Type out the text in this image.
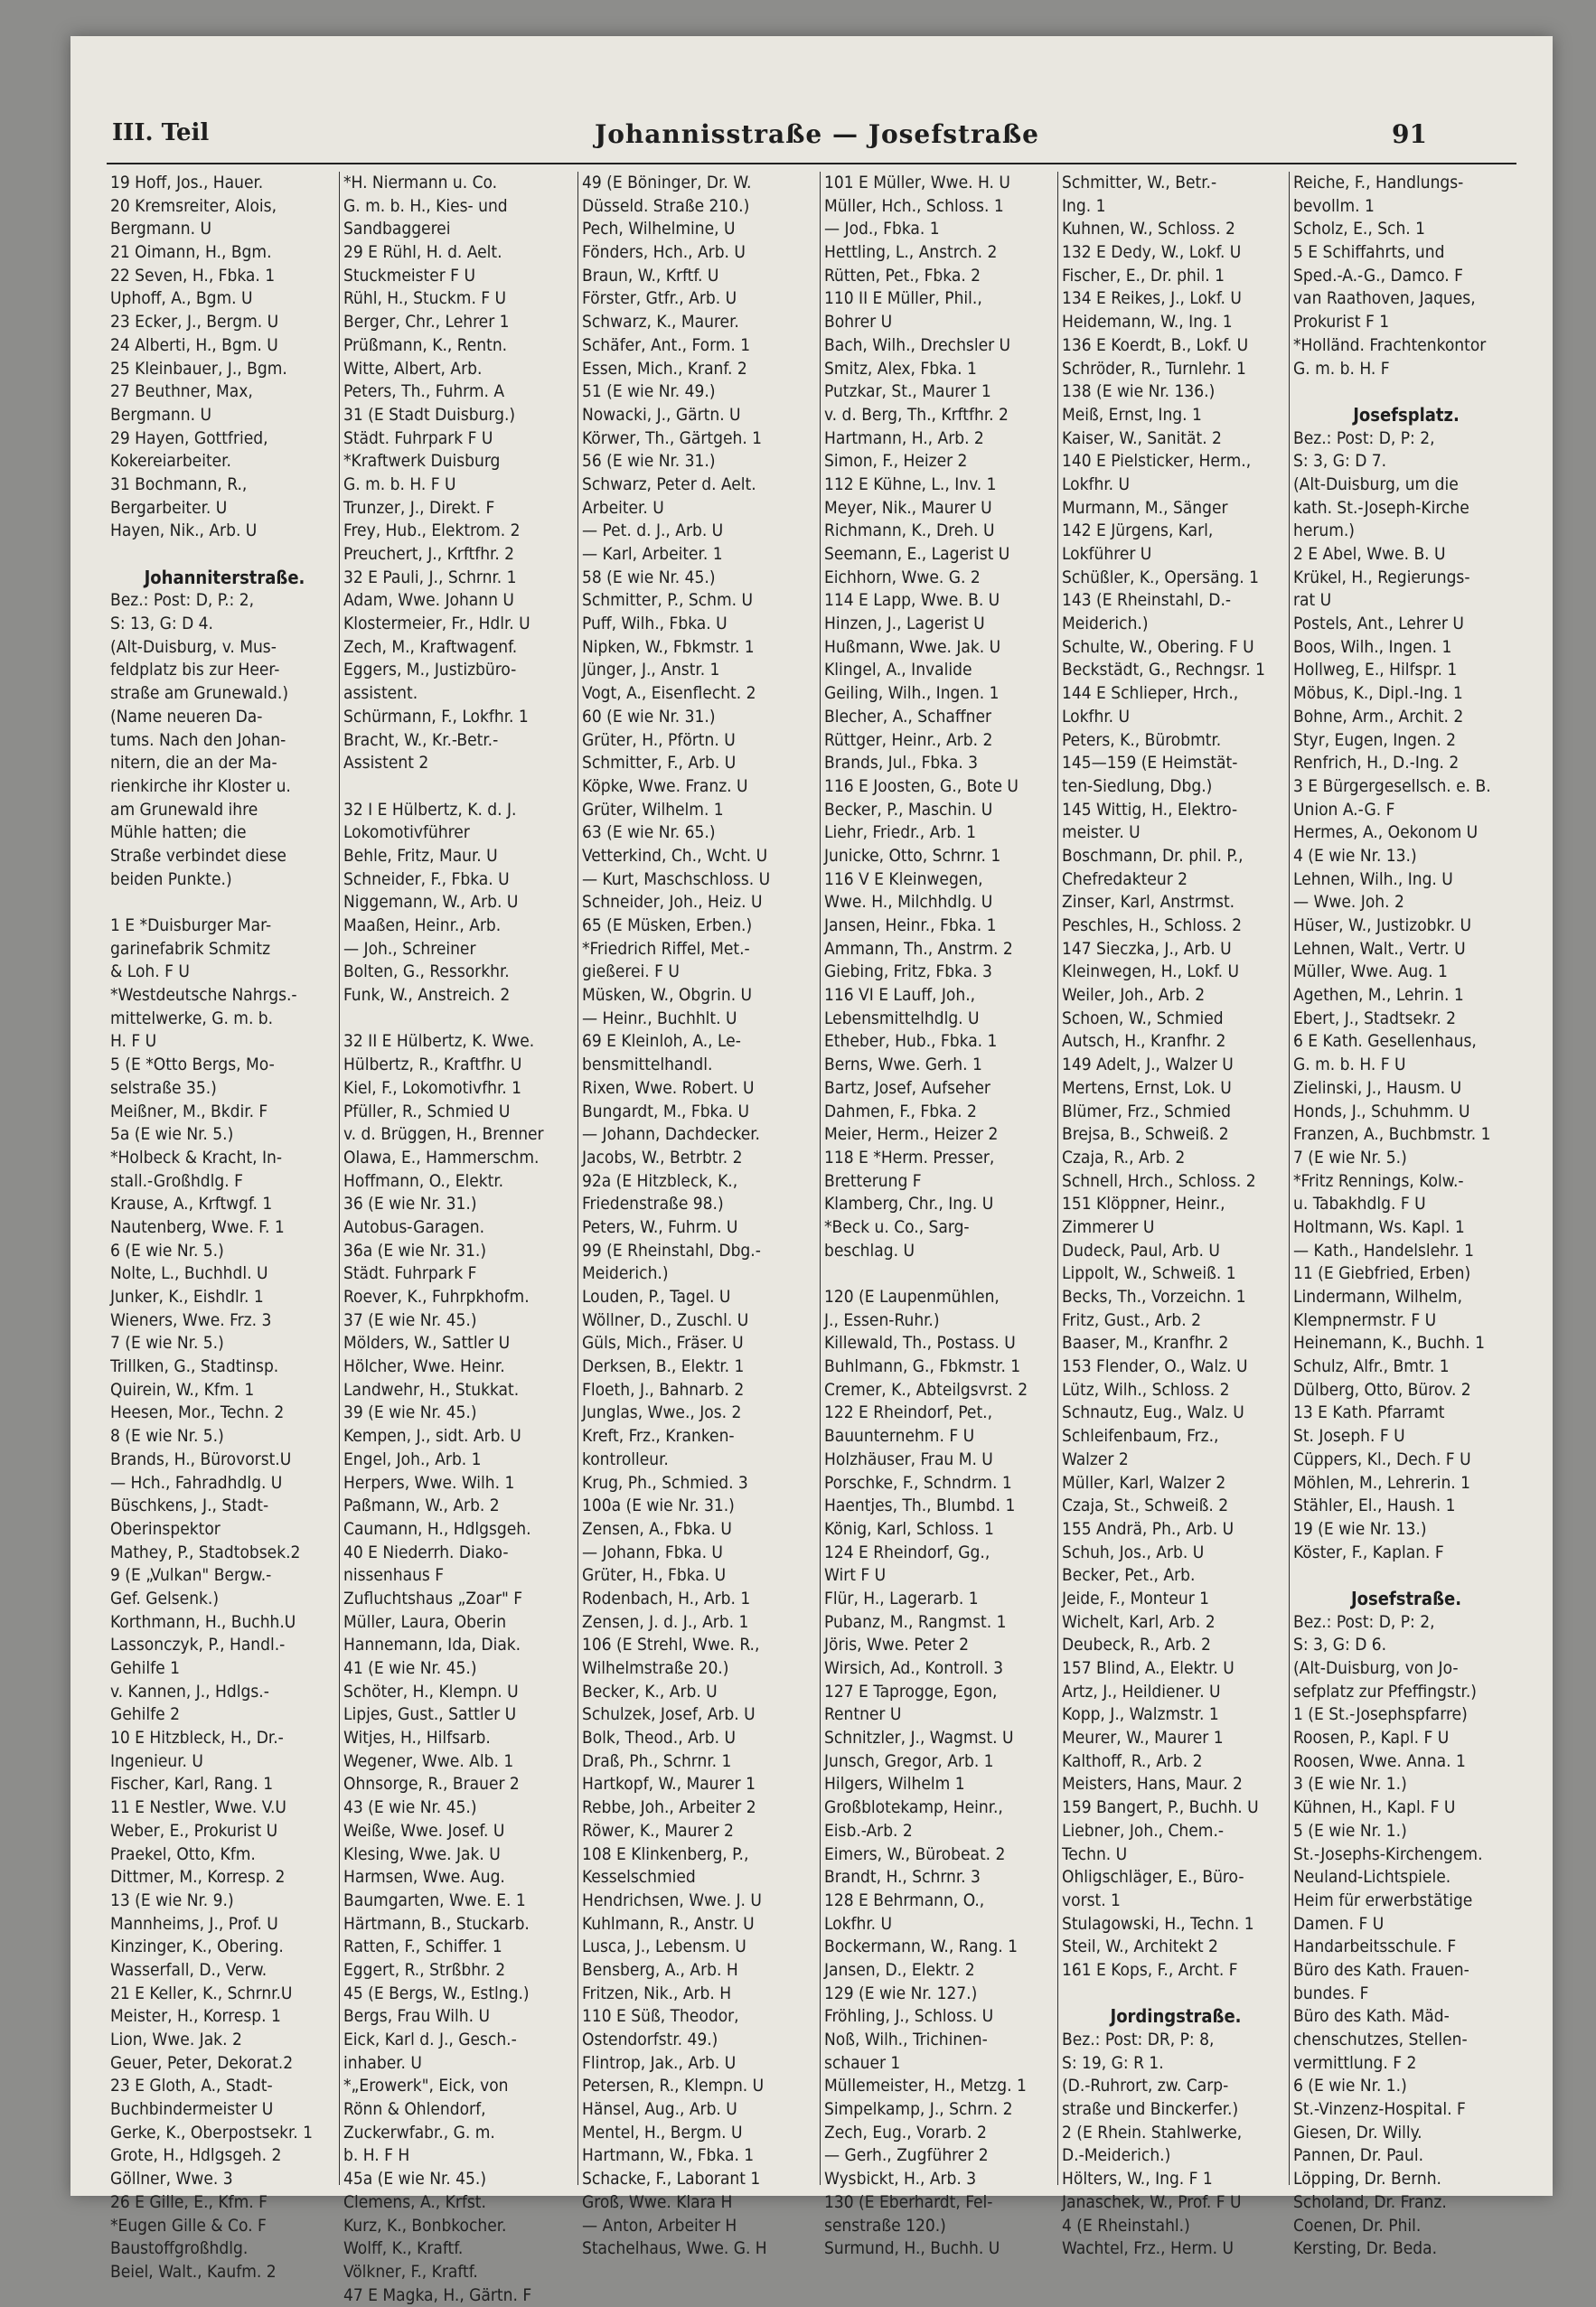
III. Teil	Johannisstraße — Josefstraße	91
19 Hoff, Jos., Hauer.
20 Kremsreiter, Alois,
Bergmann. U
21 Oimann, H., Bgm.
22 Seven, H., Fbka. 1
Uphoff, A., Bgm. U
23 Ecker, J., Bergm. U
24 Alberti, H., Bgm. U
25 Kleinbauer, J., Bgm.
27 Beuthner, Max,
Bergmann. U
29 Hayen, Gottfried,
Kokereiarbeiter.
31 Bochmann, R.,
Bergarbeiter. U
Hayen, Nik., Arb. U
Johanniterstraße.
Bez.: Post: D, P.: 2,
S: 13, G: D 4.
(Alt-Duisburg, v. Mus-
feldplatz bis zur Heer-
straße am Grunewald.)
(Name neueren Da-
tums. Nach den Johan-
nitern, die an der Ma-
rienkirche ihr Kloster u.
am Grunewald ihre
Mühle hatten; die
Straße verbindet diese
beiden Punkte.)
1 E *Duisburger Mar-
garinefabrik Schmitz
& Loh. F U
*Westdeutsche Nahrgs.-
mittelwerke, G. m. b.
H. F U
5 (E *Otto Bergs, Mo-
selstraße 35.)
Meißner, M., Bkdir. F
5a (E wie Nr. 5.)
*Holbeck & Kracht, In-
stall.-Großhdlg. F
Krause, A., Krftwgf. 1
Nautenberg, Wwe. F. 1
6 (E wie Nr. 5.)
Nolte, L., Buchhdl. U
Junker, K., Eishdlr. 1
Wieners, Wwe. Frz. 3
7 (E wie Nr. 5.)
Trillken, G., Stadtinsp.
Quirein, W., Kfm. 1
Heesen, Mor., Techn. 2
8 (E wie Nr. 5.)
Brands, H., Bürovorst.U
— Hch., Fahradhdlg. U
Büschkens, J., Stadt-
Oberinspektor
Mathey, P., Stadtobsek.2
9 (E „Vulkan" Bergw.-
Gef. Gelsenk.)
Korthmann, H., Buchh.U
Lassonczyk, P., Handl.-
Gehilfe 1
v. Kannen, J., Hdlgs.-
Gehilfe 2
10 E Hitzbleck, H., Dr.-
Ingenieur. U
Fischer, Karl, Rang. 1
11 E Nestler, Wwe. V.U
Weber, E., Prokurist U
Praekel, Otto, Kfm.
Dittmer, M., Korresp. 2
13 (E wie Nr. 9.)
Mannheims, J., Prof. U
Kinzinger, K., Obering.
Wasserfall, D., Verw.
21 E Keller, K., Schrnr.U
Meister, H., Korresp. 1
Lion, Wwe. Jak. 2
Geuer, Peter, Dekorat.2
23 E Gloth, A., Stadt-
Buchbindermeister U
Gerke, K., Oberpostsekr. 1
Grote, H., Hdlgsgeh. 2
Göllner, Wwe. 3
26 E Gille, E., Kfm. F
*Eugen Gille & Co. F
Baustoffgroßhdlg.
Beiel, Walt., Kaufm. 2
*H. Niermann u. Co.
G. m. b. H., Kies- und
Sandbaggerei
29 E Rühl, H. d. Aelt.
Stuckmeister F U
Rühl, H., Stuckm. F U
Berger, Chr., Lehrer 1
Prüßmann, K., Rentn.
Witte, Albert, Arb.
Peters, Th., Fuhrm. A
31 (E Stadt Duisburg.)
Städt. Fuhrpark F U
*Kraftwerk Duisburg
G. m. b. H. F U
Trunzer, J., Direkt. F
Frey, Hub., Elektrom. 2
Preuchert, J., Krftfhr. 2
32 E Pauli, J., Schrnr. 1
Adam, Wwe. Johann U
Klostermeier, Fr., Hdlr. U
Zech, M., Kraftwagenf.
Eggers, M., Justizbüro-
assistent.
Schürmann, F., Lokfhr. 1
Bracht, W., Kr.-Betr.-
Assistent 2
32 I E Hülbertz, K. d. J.
Lokomotivführer
Behle, Fritz, Maur. U
Schneider, F., Fbka. U
Niggemann, W., Arb. U
Maaßen, Heinr., Arb.
— Joh., Schreiner
Bolten, G., Ressorkhr.
Funk, W., Anstreich. 2
32 II E Hülbertz, K. Wwe.
Hülbertz, R., Kraftfhr. U
Kiel, F., Lokomotivfhr. 1
Pfüller, R., Schmied U
v. d. Brüggen, H., Brenner
Olawa, E., Hammerschm.
Hoffmann, O., Elektr.
36 (E wie Nr. 31.)
Autobus-Garagen.
36a (E wie Nr. 31.)
Städt. Fuhrpark F
Roever, K., Fuhrpkhofm.
37 (E wie Nr. 45.)
Mölders, W., Sattler U
Hölcher, Wwe. Heinr.
Landwehr, H., Stukkat.
39 (E wie Nr. 45.)
Kempen, J., sidt. Arb. U
Engel, Joh., Arb. 1
Herpers, Wwe. Wilh. 1
Paßmann, W., Arb. 2
Caumann, H., Hdlgsgeh.
40 E Niederrh. Diako-
nissenhaus F
Zufluchtshaus „Zoar" F
Müller, Laura, Oberin
Hannemann, Ida, Diak.
41 (E wie Nr. 45.)
Schöter, H., Klempn. U
Lipjes, Gust., Sattler U
Witjes, H., Hilfsarb.
Wegener, Wwe. Alb. 1
Ohnsorge, R., Brauer 2
43 (E wie Nr. 45.)
Weiße, Wwe. Josef. U
Klesing, Wwe. Jak. U
Harmsen, Wwe. Aug.
Baumgarten, Wwe. E. 1
Härtmann, B., Stuckarb.
Ratten, F., Schiffer. 1
Eggert, R., Strßbhr. 2
45 (E Bergs, W., Estlng.)
Bergs, Frau Wilh. U
Eick, Karl d. J., Gesch.-
inhaber. U
*„Erowerk", Eick, von
Rönn & Ohlendorf,
Zuckerwfabr., G. m.
b. H. F H
45a (E wie Nr. 45.)
Clemens, A., Krfst.
Kurz, K., Bonbkocher.
Wolff, K., Kraftf.
Völkner, F., Kraftf.
47 E Magka, H., Gärtn. F
49 (E Böninger, Dr. W.
Düsseld. Straße 210.)
Pech, Wilhelmine, U
Fönders, Hch., Arb. U
Braun, W., Krftf. U
Förster, Gtfr., Arb. U
Schwarz, K., Maurer.
Schäfer, Ant., Form. 1
Essen, Mich., Kranf. 2
51 (E wie Nr. 49.)
Nowacki, J., Gärtn. U
Körwer, Th., Gärtgeh. 1
56 (E wie Nr. 31.)
Schwarz, Peter d. Aelt.
Arbeiter. U
— Pet. d. J., Arb. U
— Karl, Arbeiter. 1
58 (E wie Nr. 45.)
Schmitter, P., Schm. U
Puff, Wilh., Fbka. U
Nipken, W., Fbkmstr. 1
Jünger, J., Anstr. 1
Vogt, A., Eisenflecht. 2
60 (E wie Nr. 31.)
Grüter, H., Pförtn. U
Schmitter, F., Arb. U
Köpke, Wwe. Franz. U
Grüter, Wilhelm. 1
63 (E wie Nr. 65.)
Vetterkind, Ch., Wcht. U
— Kurt, Maschschloss. U
Schneider, Joh., Heiz. U
65 (E Müsken, Erben.)
*Friedrich Riffel, Met.-
gießerei. F U
Müsken, W., Obgrin. U
— Heinr., Buchhlt. U
69 E Kleinloh, A., Le-
bensmittelhandl.
Rixen, Wwe. Robert. U
Bungardt, M., Fbka. U
— Johann, Dachdecker.
Jacobs, W., Betrbtr. 2
92a (E Hitzbleck, K.,
Friedenstraße 98.)
Peters, W., Fuhrm. U
99 (E Rheinstahl, Dbg.-
Meiderich.)
Louden, P., Tagel. U
Wöllner, D., Zuschl. U
Güls, Mich., Fräser. U
Derksen, B., Elektr. 1
Floeth, J., Bahnarb. 2
Junglas, Wwe., Jos. 2
Kreft, Frz., Kranken-
kontrolleur.
Krug, Ph., Schmied. 3
100a (E wie Nr. 31.)
Zensen, A., Fbka. U
— Johann, Fbka. U
Grüter, H., Fbka. U
Rodenbach, H., Arb. 1
Zensen, J. d. J., Arb. 1
106 (E Strehl, Wwe. R.,
Wilhelmstraße 20.)
Becker, K., Arb. U
Schulzek, Josef, Arb. U
Bolk, Theod., Arb. U
Draß, Ph., Schrnr. 1
Hartkopf, W., Maurer 1
Rebbe, Joh., Arbeiter 2
Röwer, K., Maurer 2
108 E Klinkenberg, P.,
Kesselschmied
Hendrichsen, Wwe. J. U
Kuhlmann, R., Anstr. U
Lusca, J., Lebensm. U
Bensberg, A., Arb. H
Fritzen, Nik., Arb. H
110 E Süß, Theodor,
Ostendorfstr. 49.)
Flintrop, Jak., Arb. U
Petersen, R., Klempn. U
Hänsel, Aug., Arb. U
Mentel, H., Bergm. U
Hartmann, W., Fbka. 1
Schacke, F., Laborant 1
Groß, Wwe. Klara H
— Anton, Arbeiter H
Stachelhaus, Wwe. G. H
101 E Müller, Wwe. H. U
Müller, Hch., Schloss. 1
— Jod., Fbka. 1
Hettling, L., Anstrch. 2
Rütten, Pet., Fbka. 2
110 II E Müller, Phil.,
Bohrer U
Bach, Wilh., Drechsler U
Smitz, Alex, Fbka. 1
Putzkar, St., Maurer 1
v. d. Berg, Th., Krftfhr. 2
Hartmann, H., Arb. 2
Simon, F., Heizer 2
112 E Kühne, L., Inv. 1
Meyer, Nik., Maurer U
Richmann, K., Dreh. U
Seemann, E., Lagerist U
Eichhorn, Wwe. G. 2
114 E Lapp, Wwe. B. U
Hinzen, J., Lagerist U
Hußmann, Wwe. Jak. U
Klingel, A., Invalide
Geiling, Wilh., Ingen. 1
Blecher, A., Schaffner
Rüttger, Heinr., Arb. 2
Brands, Jul., Fbka. 3
116 E Joosten, G., Bote U
Becker, P., Maschin. U
Liehr, Friedr., Arb. 1
Junicke, Otto, Schrnr. 1
116 V E Kleinwegen,
Wwe. H., Milchhdlg. U
Jansen, Heinr., Fbka. 1
Ammann, Th., Anstrm. 2
Giebing, Fritz, Fbka. 3
116 VI E Lauff, Joh.,
Lebensmittelhdlg. U
Etheber, Hub., Fbka. 1
Berns, Wwe. Gerh. 1
Bartz, Josef, Aufseher
Dahmen, F., Fbka. 2
Meier, Herm., Heizer 2
118 E *Herm. Presser,
Bretterung F
Klamberg, Chr., Ing. U
*Beck u. Co., Sarg-
beschlag. U
120 (E Laupenmühlen,
J., Essen-Ruhr.)
Killewald, Th., Postass. U
Buhlmann, G., Fbkmstr. 1
Cremer, K., Abteilgsvrst. 2
122 E Rheindorf, Pet.,
Bauunternehm. F U
Holzhäuser, Frau M. U
Porschke, F., Schndrm. 1
Haentjes, Th., Blumbd. 1
König, Karl, Schloss. 1
124 E Rheindorf, Gg.,
Wirt F U
Flür, H., Lagerarb. 1
Pubanz, M., Rangmst. 1
Jöris, Wwe. Peter 2
Wirsich, Ad., Kontroll. 3
127 E Taprogge, Egon,
Rentner U
Schnitzler, J., Wagmst. U
Junsch, Gregor, Arb. 1
Hilgers, Wilhelm 1
Großblotekamp, Heinr.,
Eisb.-Arb. 2
Eimers, W., Bürobeat. 2
Brandt, H., Schrnr. 3
128 E Behrmann, O.,
Lokfhr. U
Bockermann, W., Rang. 1
Jansen, D., Elektr. 2
129 (E wie Nr. 127.)
Fröhling, J., Schloss. U
Noß, Wilh., Trichinen-
schauer 1
Müllemeister, H., Metzg. 1
Simpelkamp, J., Schrn. 2
Zech, Eug., Vorarb. 2
— Gerh., Zugführer 2
Wysbickt, H., Arb. 3
130 (E Eberhardt, Fel-
senstraße 120.)
Surmund, H., Buchh. U
Schmitter, W., Betr.-
Ing. 1
Kuhnen, W., Schloss. 2
132 E Dedy, W., Lokf. U
Fischer, E., Dr. phil. 1
134 E Reikes, J., Lokf. U
Heidemann, W., Ing. 1
136 E Koerdt, B., Lokf. U
Schröder, R., Turnlehr. 1
138 (E wie Nr. 136.)
Meiß, Ernst, Ing. 1
Kaiser, W., Sanität. 2
140 E Pielsticker, Herm.,
Lokfhr. U
Murmann, M., Sänger
142 E Jürgens, Karl,
Lokführer U
Schüßler, K., Opersäng. 1
143 (E Rheinstahl, D.-
Meiderich.)
Schulte, W., Obering. F U
Beckstädt, G., Rechngsr. 1
144 E Schlieper, Hrch.,
Lokfhr. U
Peters, K., Bürobmtr.
145—159 (E Heimstät-
ten-Siedlung, Dbg.)
145 Wittig, H., Elektro-
meister. U
Boschmann, Dr. phil. P.,
Chefredakteur 2
Zinser, Karl, Anstrmst.
Peschles, H., Schloss. 2
147 Sieczka, J., Arb. U
Kleinwegen, H., Lokf. U
Weiler, Joh., Arb. 2
Schoen, W., Schmied
Autsch, H., Kranfhr. 2
149 Adelt, J., Walzer U
Mertens, Ernst, Lok. U
Blümer, Frz., Schmied
Brejsa, B., Schweiß. 2
Czaja, R., Arb. 2
Schnell, Hrch., Schloss. 2
151 Klöppner, Heinr.,
Zimmerer U
Dudeck, Paul, Arb. U
Lippolt, W., Schweiß. 1
Becks, Th., Vorzeichn. 1
Fritz, Gust., Arb. 2
Baaser, M., Kranfhr. 2
153 Flender, O., Walz. U
Lütz, Wilh., Schloss. 2
Schnautz, Eug., Walz. U
Schleifenbaum, Frz.,
Walzer 2
Müller, Karl, Walzer 2
Czaja, St., Schweiß. 2
155 Andrä, Ph., Arb. U
Schuh, Jos., Arb. U
Becker, Pet., Arb.
Jeide, F., Monteur 1
Wichelt, Karl, Arb. 2
Deubeck, R., Arb. 2
157 Blind, A., Elektr. U
Artz, J., Heildiener. U
Kopp, J., Walzmstr. 1
Meurer, W., Maurer 1
Kalthoff, R., Arb. 2
Meisters, Hans, Maur. 2
159 Bangert, P., Buchh. U
Liebner, Joh., Chem.-
Techn. U
Ohligschläger, E., Büro-
vorst. 1
Stulagowski, H., Techn. 1
Steil, W., Architekt 2
161 E Kops, F., Archt. F
Jordingstraße.
Bez.: Post: DR, P: 8,
S: 19, G: R 1.
(D.-Ruhrort, zw. Carp-
straße und Binckerfer.)
2 (E Rhein. Stahlwerke,
D.-Meiderich.)
Hölters, W., Ing. F 1
Janaschek, W., Prof. F U
4 (E Rheinstahl.)
Wachtel, Frz., Herm. U
Reiche, F., Handlungs-
bevollm. 1
Scholz, E., Sch. 1
5 E Schiffahrts, und
Sped.-A.-G., Damco. F
van Raathoven, Jaques,
Prokurist F 1
*Holländ. Frachtenkontor
G. m. b. H. F
Josefsplatz.
Bez.: Post: D, P: 2,
S: 3, G: D 7.
(Alt-Duisburg, um die
kath. St.-Joseph-Kirche
herum.)
2 E Abel, Wwe. B. U
Krükel, H., Regierungs-
rat U
Postels, Ant., Lehrer U
Boos, Wilh., Ingen. 1
Hollweg, E., Hilfspr. 1
Möbus, K., Dipl.-Ing. 1
Bohne, Arm., Archit. 2
Styr, Eugen, Ingen. 2
Renfrich, H., D.-Ing. 2
3 E Bürgergesellsch. e. B.
Union A.-G. F
Hermes, A., Oekonom U
4 (E wie Nr. 13.)
Lehnen, Wilh., Ing. U
— Wwe. Joh. 2
Hüser, W., Justizobkr. U
Lehnen, Walt., Vertr. U
Müller, Wwe. Aug. 1
Agethen, M., Lehrin. 1
Ebert, J., Stadtsekr. 2
6 E Kath. Gesellenhaus,
G. m. b. H. F U
Zielinski, J., Hausm. U
Honds, J., Schuhmm. U
Franzen, A., Buchbmstr. 1
7 (E wie Nr. 5.)
*Fritz Rennings, Kolw.-
u. Tabakhdlg. F U
Holtmann, Ws. Kapl. 1
— Kath., Handelslehr. 1
11 (E Giebfried, Erben)
Lindermann, Wilhelm,
Klempnermstr. F U
Heinemann, K., Buchh. 1
Schulz, Alfr., Bmtr. 1
Dülberg, Otto, Bürov. 2
13 E Kath. Pfarramt
St. Joseph. F U
Cüppers, Kl., Dech. F U
Möhlen, M., Lehrerin. 1
Stähler, El., Haush. 1
19 (E wie Nr. 13.)
Köster, F., Kaplan. F
Josefstraße.
Bez.: Post: D, P: 2,
S: 3, G: D 6.
(Alt-Duisburg, von Jo-
sefplatz zur Pfeffingstr.)
1 (E St.-Josephspfarre)
Roosen, P., Kapl. F U
Roosen, Wwe. Anna. 1
3 (E wie Nr. 1.)
Kühnen, H., Kapl. F U
5 (E wie Nr. 1.)
St.-Josephs-Kirchengem.
Neuland-Lichtspiele.
Heim für erwerbstätige
Damen. F U
Handarbeitsschule. F
Büro des Kath. Frauen-
bundes. F
Büro des Kath. Mäd-
chenschutzes, Stellen-
vermittlung. F 2
6 (E wie Nr. 1.)
St.-Vinzenz-Hospital. F
Giesen, Dr. Willy.
Pannen, Dr. Paul.
Löpping, Dr. Bernh.
Scholand, Dr. Franz.
Coenen, Dr. Phil.
Kersting, Dr. Beda.
